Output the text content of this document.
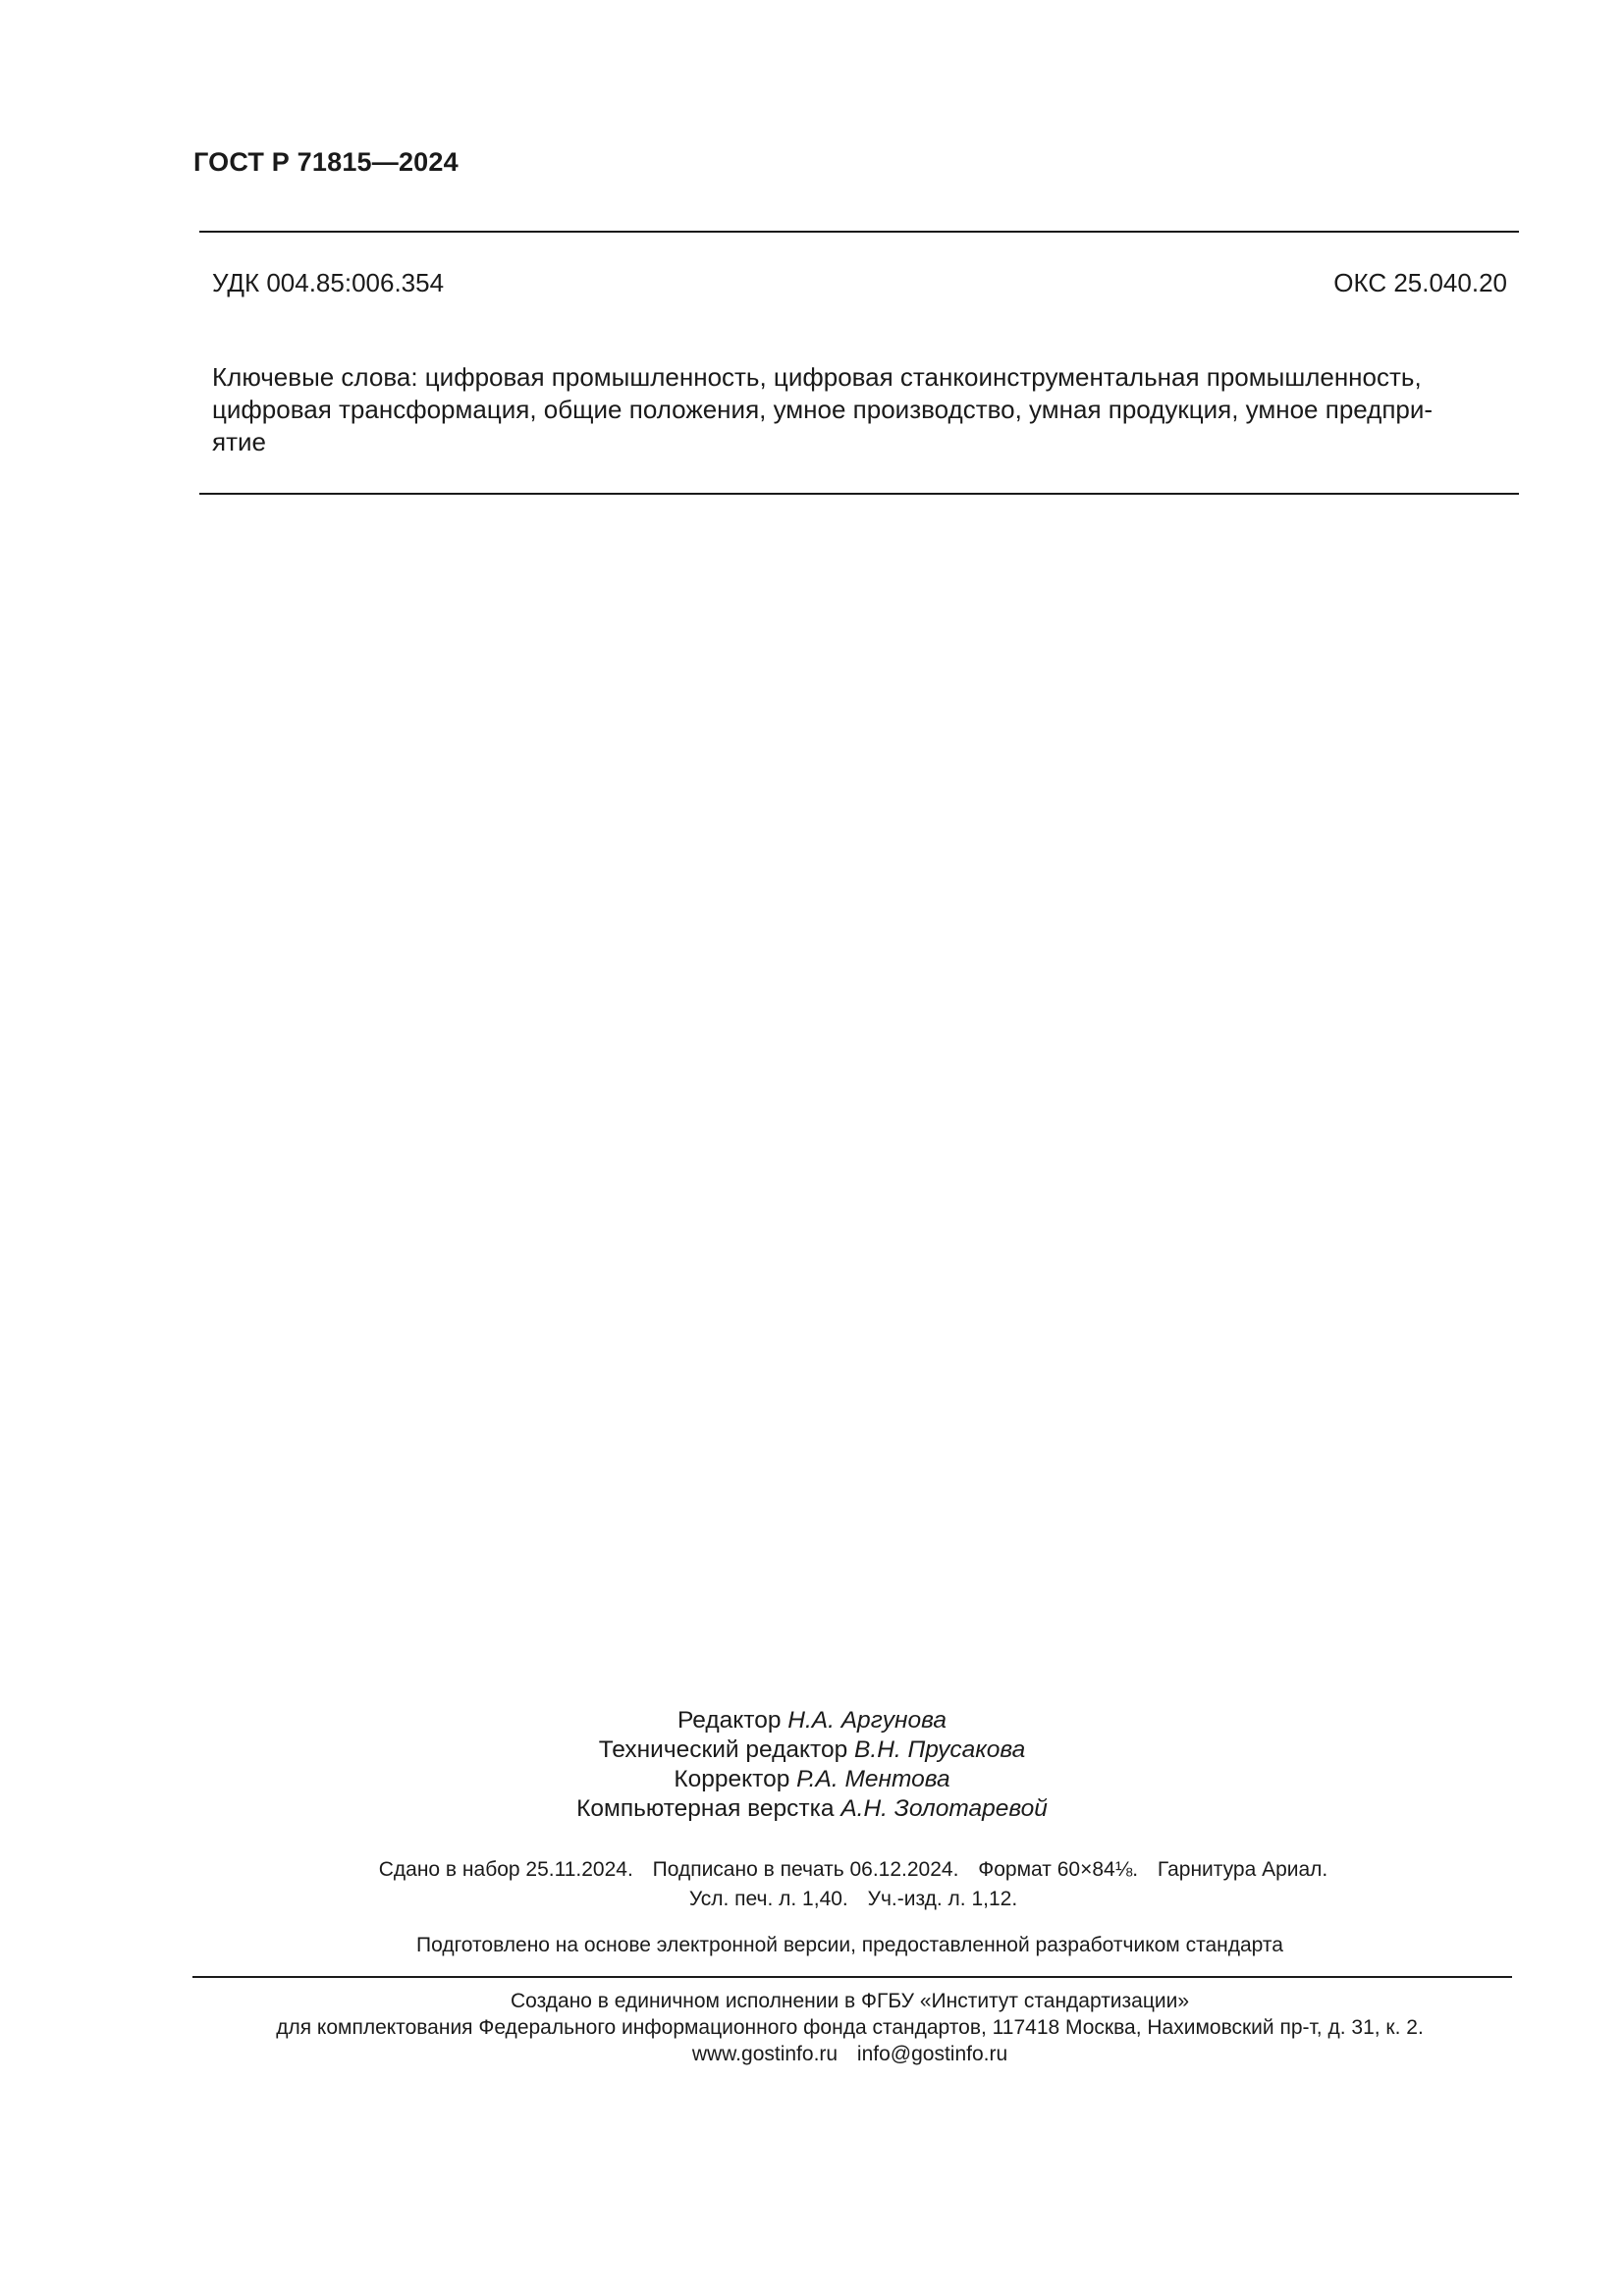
ГОСТ Р 71815—2024
УДК 004.85:006.354	ОКС 25.040.20
Ключевые слова: цифровая промышленность, цифровая станкоинструментальная промышленность,
цифровая трансформация, общие положения, умное производство, умная продукция, умное предпри-
ятие
Редактор Н.А. Аргунова
Технический редактор В.Н. Прусакова
Корректор Р.А. Ментова
Компьютерная верстка А.Н. Золотаревой
Сдано в набор 25.11.2024. Подписано в печать 06.12.2024. Формат 60×84⅛. Гарнитура Ариал.
Усл. печ. л. 1,40. Уч.-изд. л. 1,12.
Подготовлено на основе электронной версии, предоставленной разработчиком стандарта
Создано в единичном исполнении в ФГБУ «Институт стандартизации»
для комплектования Федерального информационного фонда стандартов, 117418 Москва, Нахимовский пр-т, д. 31, к. 2.
www.gostinfo.ru info@gostinfo.ru
